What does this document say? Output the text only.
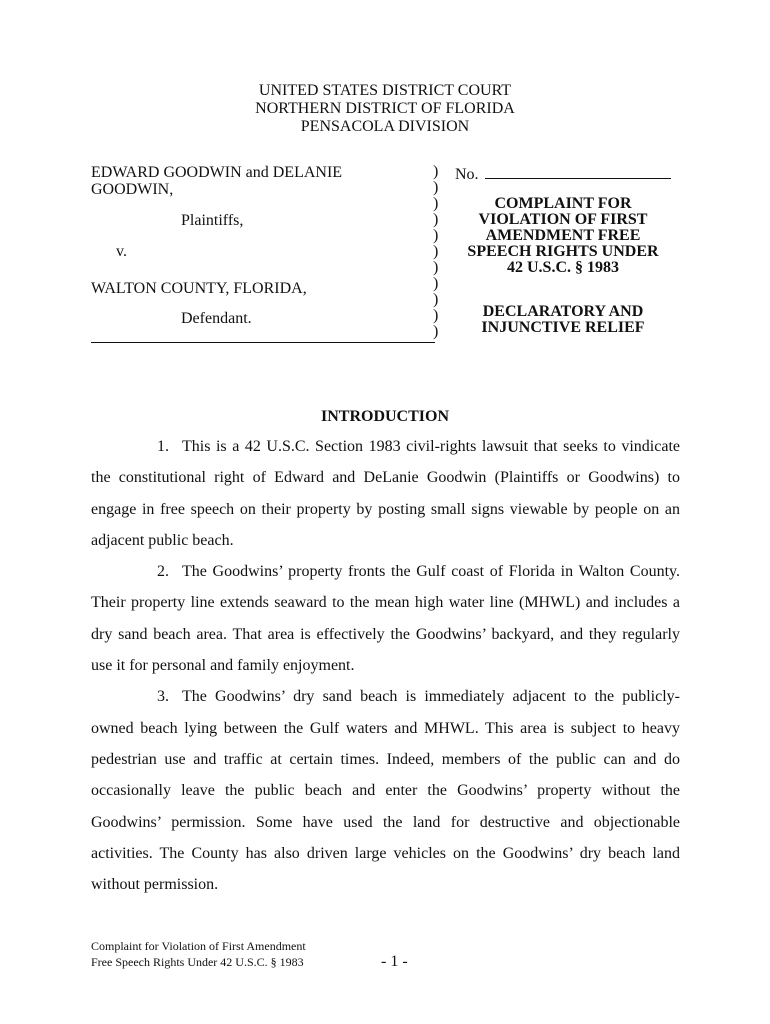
UNITED STATES DISTRICT COURT
NORTHERN DISTRICT OF FLORIDA
PENSACOLA DIVISION
EDWARD GOODWIN and DELANIE
GOODWIN,
Plaintiffs,
v.
WALTON COUNTY, FLORIDA,
Defendant.
)
)
)
)
)
)
)
)
)
)
)
No.
COMPLAINT FOR
VIOLATION OF FIRST
AMENDMENT FREE
SPEECH RIGHTS UNDER
42 U.S.C. § 1983
DECLARATORY AND
INJUNCTIVE RELIEF
INTRODUCTION

1. This is a 42 U.S.C. Section 1983 civil-rights lawsuit that seeks to vindicate the constitutional right of Edward and DeLanie Goodwin (Plaintiffs or Goodwins) to engage in free speech on their property by posting small signs viewable by people on an adjacent public beach.

2. The Goodwins’ property fronts the Gulf coast of Florida in Walton County. Their property line extends seaward to the mean high water line (MHWL) and includes a dry sand beach area. That area is effectively the Goodwins’ backyard, and they regularly use it for personal and family enjoyment.

3. The Goodwins’ dry sand beach is immediately adjacent to the publicly-owned beach lying between the Gulf waters and MHWL. This area is subject to heavy pedestrian use and traffic at certain times. Indeed, members of the public can and do occasionally leave the public beach and enter the Goodwins’ property without the Goodwins’ permission. Some have used the land for destructive and objectionable activities. The County has also driven large vehicles on the Goodwins’ dry beach land without permission.

Complaint for Violation of First Amendment
Free Speech Rights Under 42 U.S.C. § 1983	- 1 -
